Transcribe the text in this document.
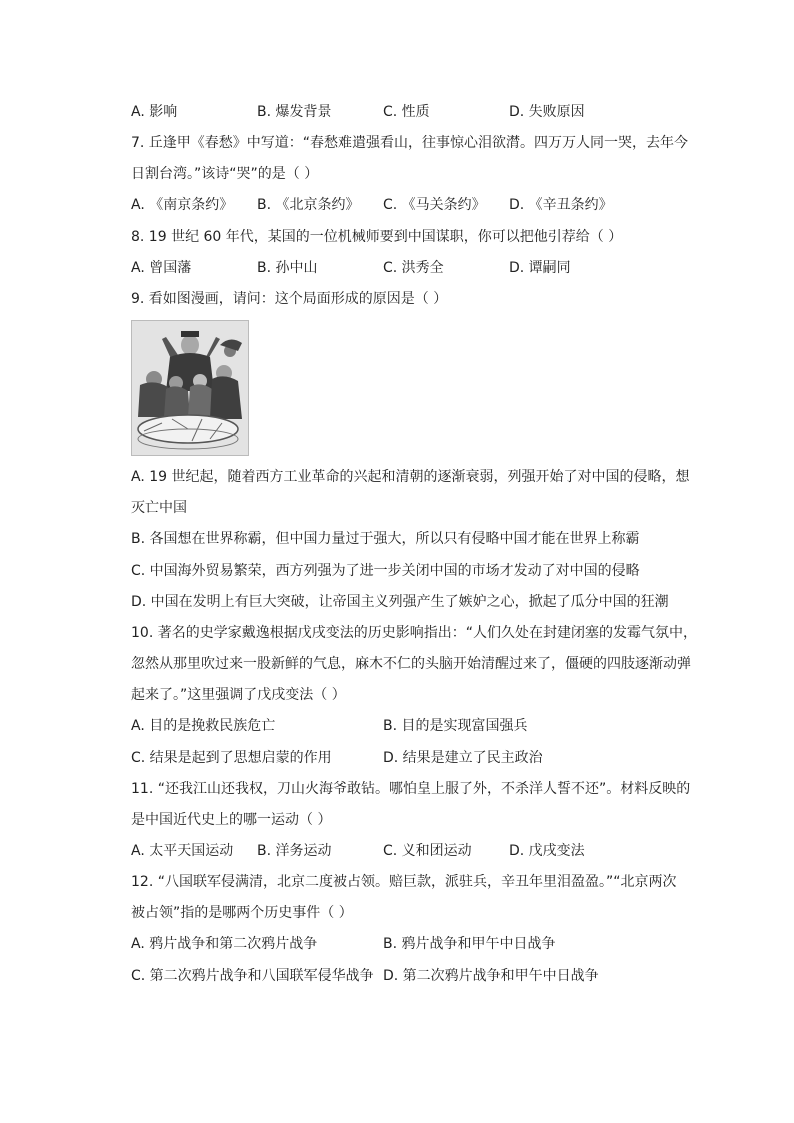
A. 影响	B. 爆发背景	C. 性质	D. 失败原因
7. 丘逢甲《春愁》中写道：“春愁难遣强看山，往事惊心泪欲潸。四万万人同一哭，去年今
日割台湾。”该诗“哭”的是（ ）
A. 《南京条约》 B. 《北京条约》 C. 《马关条约》 D. 《辛丑条约》
8. 19 世纪 60 年代，某国的一位机械师要到中国谋职，你可以把他引荐给（ ）
A. 曾国藩	B. 孙中山	C. 洪秀全	D. 谭嗣同
9. 看如图漫画，请问：这个局面形成的原因是（ ）
A. 19 世纪起，随着西方工业革命的兴起和清朝的逐渐衰弱，列强开始了对中国的侵略，想
灭亡中国
B. 各国想在世界称霸，但中国力量过于强大，所以只有侵略中国才能在世界上称霸
C. 中国海外贸易繁荣，西方列强为了进一步关闭中国的市场才发动了对中国的侵略
D. 中国在发明上有巨大突破，让帝国主义列强产生了嫉妒之心，掀起了瓜分中国的狂潮
10. 著名的史学家戴逸根据戊戌变法的历史影响指出：“人们久处在封建闭塞的发霉气氛中，
忽然从那里吹过来一股新鲜的气息，麻木不仁的头脑开始清醒过来了，僵硬的四肢逐渐动弹
起来了。”这里强调了戊戌变法（ ）
A. 目的是挽救民族危亡	B. 目的是实现富国强兵
C. 结果是起到了思想启蒙的作用	D. 结果是建立了民主政治
11. “还我江山还我权，刀山火海爷敢钻。哪怕皇上服了外，不杀洋人誓不还”。材料反映的
是中国近代史上的哪一运动（ ）
A. 太平天国运动 B. 洋务运动	C. 义和团运动	D. 戊戌变法
12. “八国联军侵满清，北京二度被占领。赔巨款，派驻兵，辛丑年里泪盈盈。”“北京两次
被占领”指的是哪两个历史事件（ ）
A. 鸦片战争和第二次鸦片战争	B. 鸦片战争和甲午中日战争
C. 第二次鸦片战争和八国联军侵华战争 D. 第二次鸦片战争和甲午中日战争
